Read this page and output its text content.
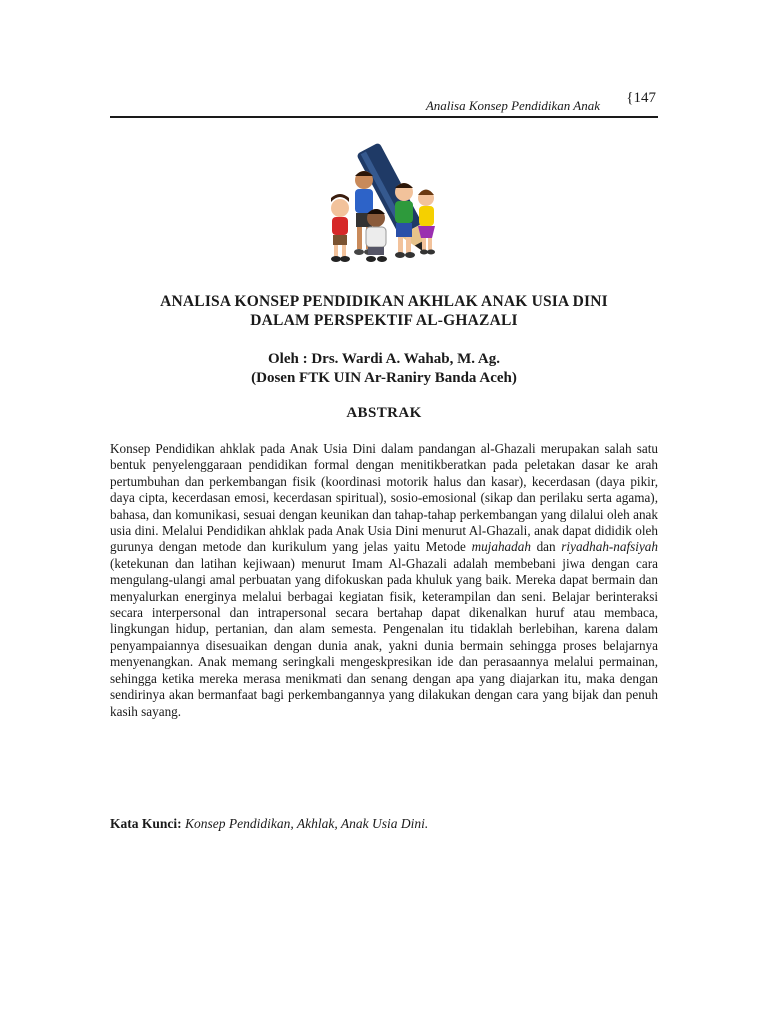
Analisa Konsep Pendidikan Anak {147
ANALISA KONSEP PENDIDIKAN AKHLAK ANAK USIA DINI
DALAM PERSPEKTIF AL-GHAZALI
Oleh : Drs. Wardi A. Wahab, M. Ag.
(Dosen FTK UIN Ar-Raniry Banda Aceh)
ABSTRAK

Konsep Pendidikan ahklak pada Anak Usia Dini dalam pandangan al-Ghazali merupakan salah satu bentuk penyelenggaraan pendidikan formal dengan menitikberatkan pada peletakan dasar ke arah pertumbuhan dan perkembangan fisik (koordinasi motorik halus dan kasar), kecerdasan (daya pikir, daya cipta, kecerdasan emosi, kecerdasan spiritual), sosio-emosional (sikap dan perilaku serta agama), bahasa, dan komunikasi, sesuai dengan keunikan dan tahap-tahap perkembangan yang dilalui oleh anak usia dini. Melalui Pendidikan ahklak pada Anak Usia Dini menurut Al-Ghazali, anak dapat dididik oleh gurunya dengan metode dan kurikulum yang jelas yaitu Metode mujahadah dan riyadhah-nafsiyah (ketekunan dan latihan kejiwaan) menurut Imam Al-Ghazali adalah membebani jiwa dengan cara mengulang-ulangi amal perbuatan yang difokuskan pada khuluk yang baik. Mereka dapat bermain dan menyalurkan energinya melalui berbagai kegiatan fisik, keterampilan dan seni. Belajar berinteraksi secara interpersonal dan intrapersonal secara bertahap dapat dikenalkan huruf atau membaca, lingkungan hidup, pertanian, dan alam semesta. Pengenalan itu tidaklah berlebihan, karena dalam penyampaiannya disesuaikan dengan dunia anak, yakni dunia bermain sehingga proses belajarnya menyenangkan. Anak memang seringkali mengeskpresikan ide dan perasaannya melalui permainan, sehingga ketika mereka merasa menikmati dan senang dengan apa yang diajarkan itu, maka dengan sendirinya akan bermanfaat bagi perkembangannya yang dilakukan dengan cara yang bijak dan penuh kasih sayang.

Kata Kunci: Konsep Pendidikan, Akhlak, Anak Usia Dini.
